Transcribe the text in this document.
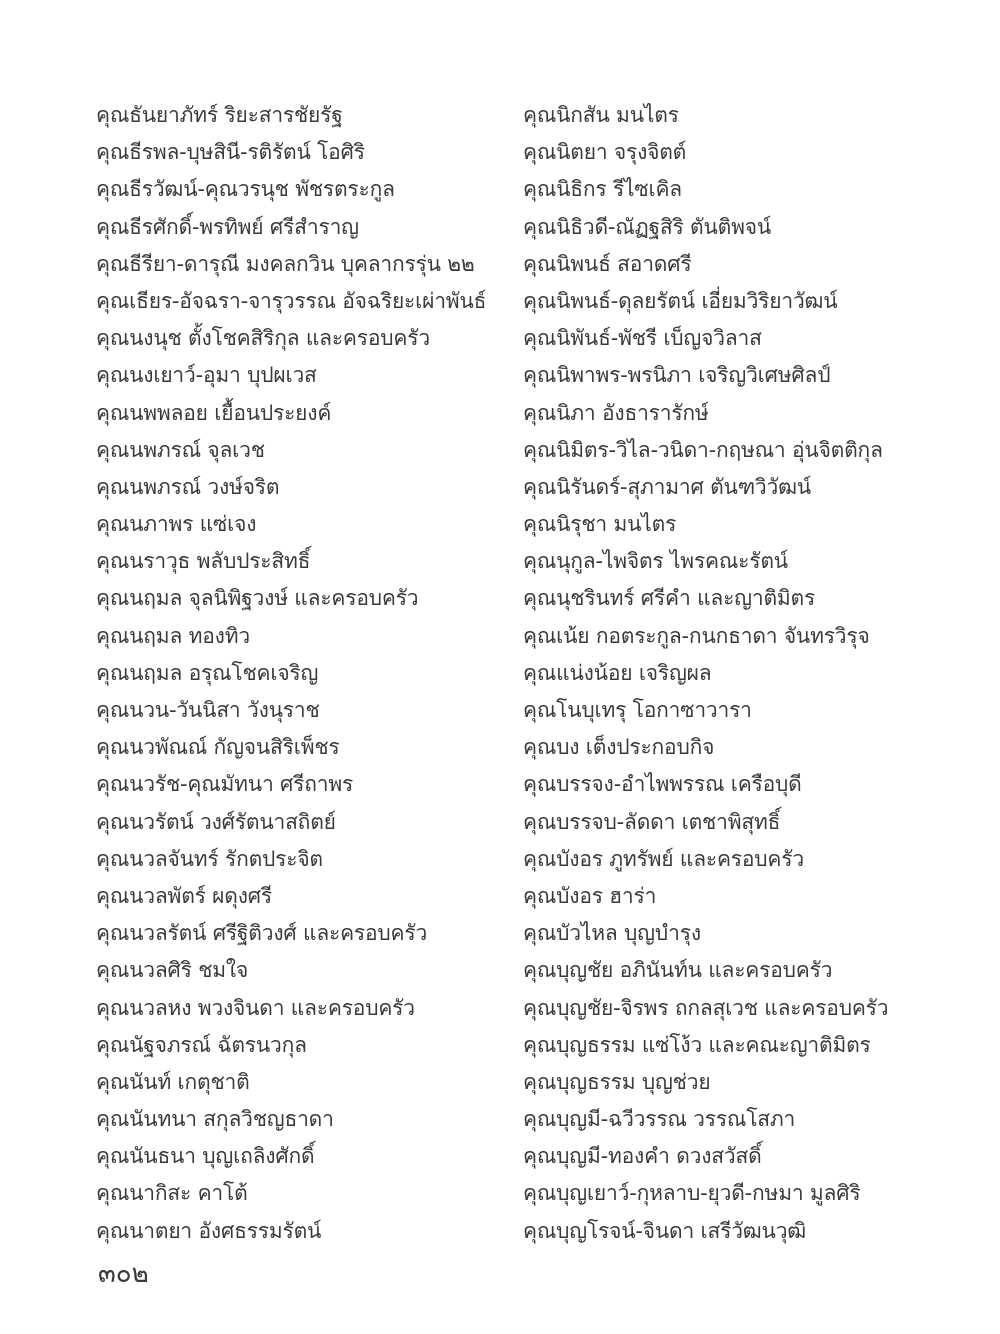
คุณธันยาภัทร์ ริยะสารชัยรัฐ
คุณธีรพล-บุษสินี-รติรัตน์ โอศิริ
คุณธีรวัฒน์-คุณวรนุช พัชรตระกูล
คุณธีรศักดิ์-พรทิพย์ ศรีสำราญ
คุณธีรียา-ดารุณี มงคลกวิน บุคลากรรุ่น ๒๒
คุณเธียร-อัจฉรา-จารุวรรณ อัจฉริยะเผ่าพันธ์
คุณนงนุช ตั้งโชคสิริกุล และครอบครัว
คุณนงเยาว์-อุมา บุปผเวส
คุณนพพลอย เยื้อนประยงค์
คุณนพภรณ์ จุลเวช
คุณนพภรณ์ วงษ์จริต
คุณนภาพร แซ่เจง
คุณนราวุธ พลับประสิทธิ์
คุณนฤมล จุลนิพิฐวงษ์ และครอบครัว
คุณนฤมล ทองทิว
คุณนฤมล อรุณโชคเจริญ
คุณนวน-วันนิสา วังนุราช
คุณนวพัณณ์ กัญจนสิริเพ็ชร
คุณนวรัช-คุณมัทนา ศรีถาพร
คุณนวรัตน์ วงศ์รัตนาสถิตย์
คุณนวลจันทร์ รักตประจิต
คุณนวลพัตร์ ผดุงศรี
คุณนวลรัตน์ ศรีฐิติวงศ์ และครอบครัว
คุณนวลศิริ ชมใจ
คุณนวลหง พวงจินดา และครอบครัว
คุณนัฐจภรณ์ ฉัตรนวกุล
คุณนันท์ เกตุชาติ
คุณนันทนา สกุลวิชญธาดา
คุณนันธนา บุญเถลิงศักดิ์
คุณนากิสะ คาโต้
คุณนาตยา อังศธรรมรัตน์
คุณนิกสัน มนไตร
คุณนิตยา จรุงจิตต์
คุณนิธิกร รีไซเคิล
คุณนิธิวดี-ณัฏฐสิริ ตันติพจน์
คุณนิพนธ์ สอาดศรี
คุณนิพนธ์-ดุลยรัตน์ เอี่ยมวิริยาวัฒน์
คุณนิพันธ์-พัชรี เบ็ญจวิลาส
คุณนิพาพร-พรนิภา เจริญวิเศษศิลป์
คุณนิภา อังธารารักษ์
คุณนิมิตร-วิไล-วนิดา-กฤษณา อุ่นจิตติกุล
คุณนิรันดร์-สุภามาศ ตันฑวิวัฒน์
คุณนิรุชา มนไตร
คุณนุกูล-ไพจิตร ไพรคณะรัตน์
คุณนุชรินทร์ ศรีคำ และญาติมิตร
คุณเน้ย กอตระกูล-กนกธาดา จันทรวิรุจ
คุณแน่งน้อย เจริญผล
คุณโนบุเทรุ โอกาซาวารา
คุณบง เต็งประกอบกิจ
คุณบรรจง-อำไพพรรณ เครือบุดี
คุณบรรจบ-ลัดดา เตชาพิสุทธิ์
คุณบังอร ภูทรัพย์ และครอบครัว
คุณบังอร ฮาร่า
คุณบัวไหล บุญบำรุง
คุณบุญชัย อภินันท์น และครอบครัว
คุณบุญชัย-จิรพร ถกลสุเวช และครอบครัว
คุณบุญธรรม แซ่โง้ว และคณะญาติมิตร
คุณบุญธรรม บุญช่วย
คุณบุญมี-ฉวีวรรณ วรรณโสภา
คุณบุญมี-ทองคำ ดวงสวัสดิ์
คุณบุญเยาว์-กุหลาบ-ยุวดี-กษมา มูลศิริ
คุณบุญโรจน์-จินดา เสรีวัฒนวุฒิ
๓๐๒
